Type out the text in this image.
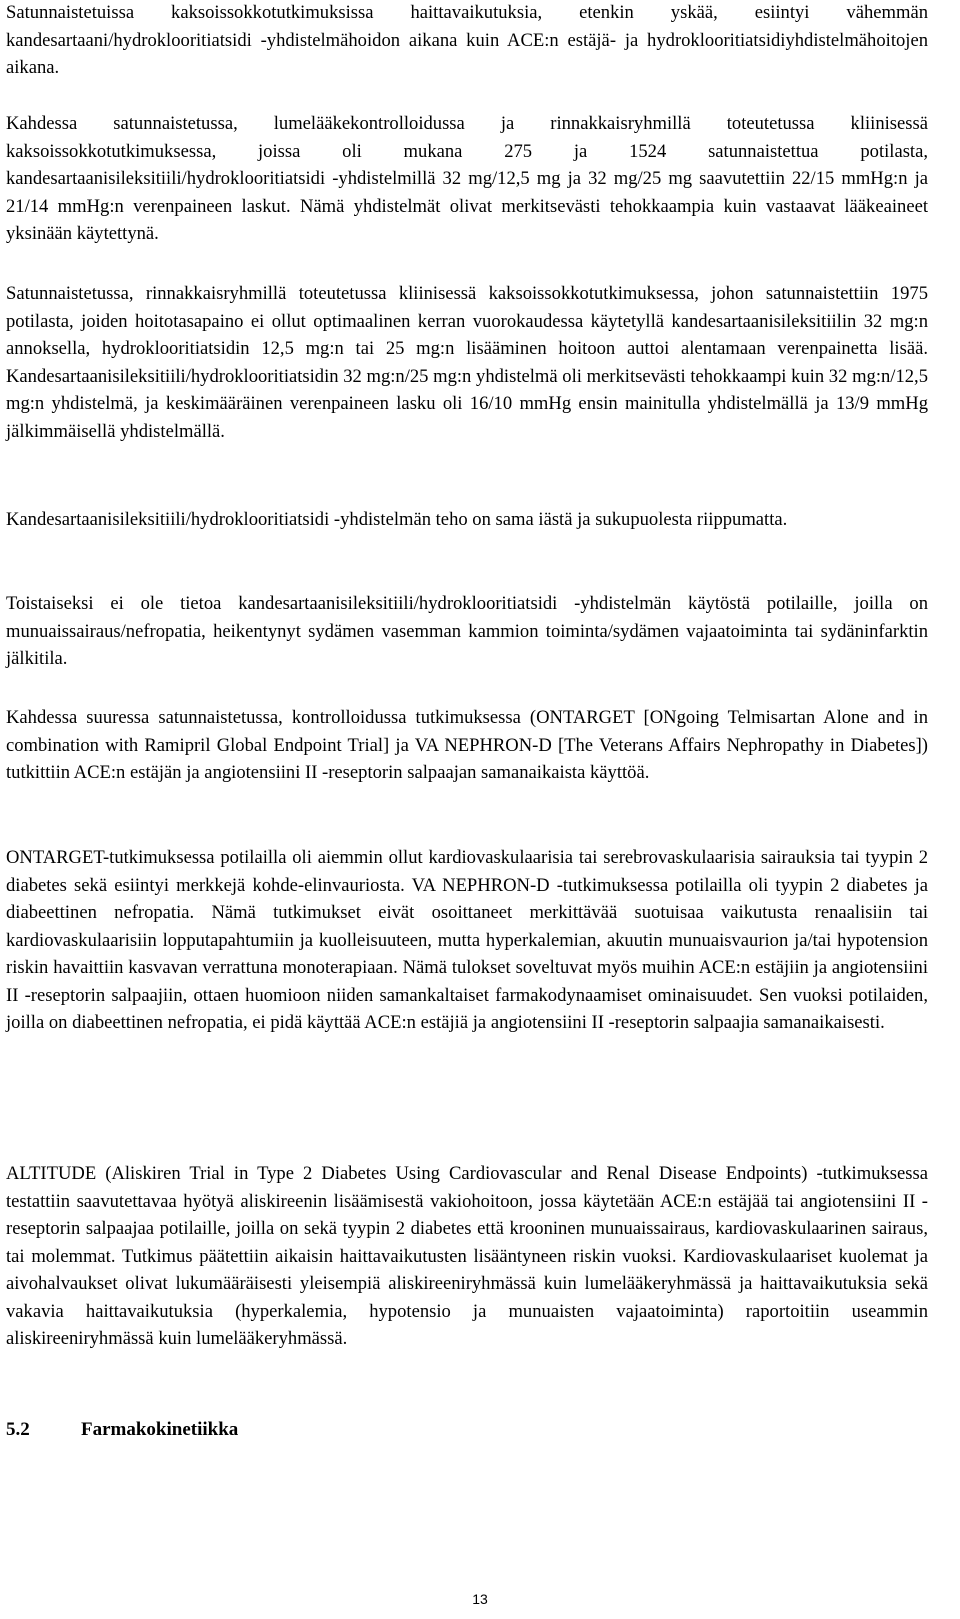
Satunnaistetuissa kaksoissokkotutkimuksissa haittavaikutuksia, etenkin yskää, esiintyi vähemmän kandesartaani/hydroklooritiatsidi -yhdistelmähoidon aikana kuin ACE:n estäjä- ja hydroklooritiatsidiyhdistelmähoitojen aikana.

Kahdessa satunnaistetussa, lumelääkekontrolloidussa ja rinnakkaisryhmillä toteutetussa kliinisessä kaksoissokkotutkimuksessa, joissa oli mukana 275 ja 1524 satunnaistettua potilasta, kandesartaanisileksitiili/hydroklooritiatsidi -yhdistelmillä 32 mg/12,5 mg ja 32 mg/25 mg saavutettiin 22/15 mmHg:n ja 21/14 mmHg:n verenpaineen laskut. Nämä yhdistelmät olivat merkitsevästi tehokkaampia kuin vastaavat lääkeaineet yksinään käytettynä.

Satunnaistetussa, rinnakkaisryhmillä toteutetussa kliinisessä kaksoissokkotutkimuksessa, johon satunnaistettiin 1975 potilasta, joiden hoitotasapaino ei ollut optimaalinen kerran vuorokaudessa käytetyllä kandesartaanisileksitiilin 32 mg:n annoksella, hydroklooritiatsidin 12,5 mg:n tai 25 mg:n lisääminen hoitoon auttoi alentamaan verenpainetta lisää. Kandesartaanisileksitiili/hydroklooritiatsidin 32 mg:n/25 mg:n yhdistelmä oli merkitsevästi tehokkaampi kuin 32 mg:n/12,5 mg:n yhdistelmä, ja keskimääräinen verenpaineen lasku oli 16/10 mmHg ensin mainitulla yhdistelmällä ja 13/9 mmHg jälkimmäisellä yhdistelmällä.

Kandesartaanisileksitiili/hydroklooritiatsidi -yhdistelmän teho on sama iästä ja sukupuolesta riippumatta.

Toistaiseksi ei ole tietoa kandesartaanisileksitiili/hydroklooritiatsidi -yhdistelmän käytöstä potilaille, joilla on munuaissairaus/nefropatia, heikentynyt sydämen vasemman kammion toiminta/sydämen vajaatoiminta tai sydäninfarktin jälkitila.

Kahdessa suuressa satunnaistetussa, kontrolloidussa tutkimuksessa (ONTARGET [ONgoing Telmisartan Alone and in combination with Ramipril Global Endpoint Trial] ja VA NEPHRON-D [The Veterans Affairs Nephropathy in Diabetes]) tutkittiin ACE:n estäjän ja angiotensiini II -reseptorin salpaajan samanaikaista käyttöä.

ONTARGET-tutkimuksessa potilailla oli aiemmin ollut kardiovaskulaarisia tai serebrovaskulaarisia sairauksia tai tyypin 2 diabetes sekä esiintyi merkkejä kohde-elinvauriosta. VA NEPHRON-D -tutkimuksessa potilailla oli tyypin 2 diabetes ja diabeettinen nefropatia. Nämä tutkimukset eivät osoittaneet merkittävää suotuisaa vaikutusta renaalisiin tai kardiovaskulaarisiin lopputapahtumiin ja kuolleisuuteen, mutta hyperkalemian, akuutin munuaisvaurion ja/tai hypotension riskin havaittiin kasvavan verrattuna monoterapiaan. Nämä tulokset soveltuvat myös muihin ACE:n estäjiin ja angiotensiini II -reseptorin salpaajiin, ottaen huomioon niiden samankaltaiset farmakodynaamiset ominaisuudet. Sen vuoksi potilaiden, joilla on diabeettinen nefropatia, ei pidä käyttää ACE:n estäjiä ja angiotensiini II -reseptorin salpaajia samanaikaisesti.

ALTITUDE (Aliskiren Trial in Type 2 Diabetes Using Cardiovascular and Renal Disease Endpoints) -tutkimuksessa testattiin saavutettavaa hyötyä aliskireenin lisäämisestä vakiohoitoon, jossa käytetään ACE:n estäjää tai angiotensiini II -reseptorin salpaajaa potilaille, joilla on sekä tyypin 2 diabetes että krooninen munuaissairaus, kardiovaskulaarinen sairaus, tai molemmat. Tutkimus päätettiin aikaisin haittavaikutusten lisääntyneen riskin vuoksi. Kardiovaskulaariset kuolemat ja aivohalvaukset olivat lukumääräisesti yleisempiä aliskireeniryhmässä kuin lumelääkeryhmässä ja haittavaikutuksia sekä vakavia haittavaikutuksia (hyperkalemia, hypotensio ja munuaisten vajaatoiminta) raportoitiin useammin aliskireeniryhmässä kuin lumelääkeryhmässä.

5.2	Farmakokinetiikka
13
